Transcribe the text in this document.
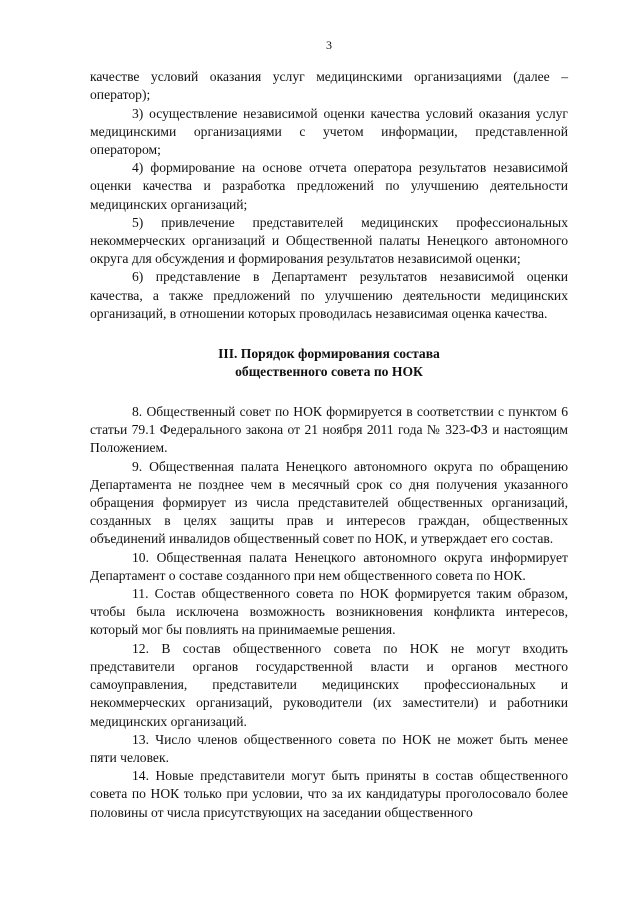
3

качестве условий оказания услуг медицинскими организациями (далее – оператор);

3) осуществление независимой оценки качества условий оказания услуг медицинскими организациями с учетом информации, представленной оператором;

4) формирование на основе отчета оператора результатов независимой оценки качества и разработка предложений по улучшению деятельности медицинских организаций;

5) привлечение представителей медицинских профессиональных некоммерческих организаций и Общественной палаты Ненецкого автономного округа для обсуждения и формирования результатов независимой оценки;

6) представление в Департамент результатов независимой оценки качества, а также предложений по улучшению деятельности медицинских организаций, в отношении которых проводилась независимая оценка качества.

III. Порядок формирования состава
общественного совета по НОК

8. Общественный совет по НОК формируется в соответствии с пунктом 6 статьи 79.1 Федерального закона от 21 ноября 2011 года № 323-ФЗ и настоящим Положением.

9. Общественная палата Ненецкого автономного округа по обращению Департамента не позднее чем в месячный срок со дня получения указанного обращения формирует из числа представителей общественных организаций, созданных в целях защиты прав и интересов граждан, общественных объединений инвалидов общественный совет по НОК, и утверждает его состав.

10. Общественная палата Ненецкого автономного округа информирует Департамент о составе созданного при нем общественного совета по НОК.

11. Состав общественного совета по НОК формируется таким образом, чтобы была исключена возможность возникновения конфликта интересов, который мог бы повлиять на принимаемые решения.

12. В состав общественного совета по НОК не могут входить представители органов государственной власти и органов местного самоуправления, представители медицинских профессиональных и некоммерческих организаций, руководители (их заместители) и работники медицинских организаций.

13. Число членов общественного совета по НОК не может быть менее пяти человек.

14. Новые представители могут быть приняты в состав общественного совета по НОК только при условии, что за их кандидатуры проголосовало более половины от числа присутствующих на заседании общественного
